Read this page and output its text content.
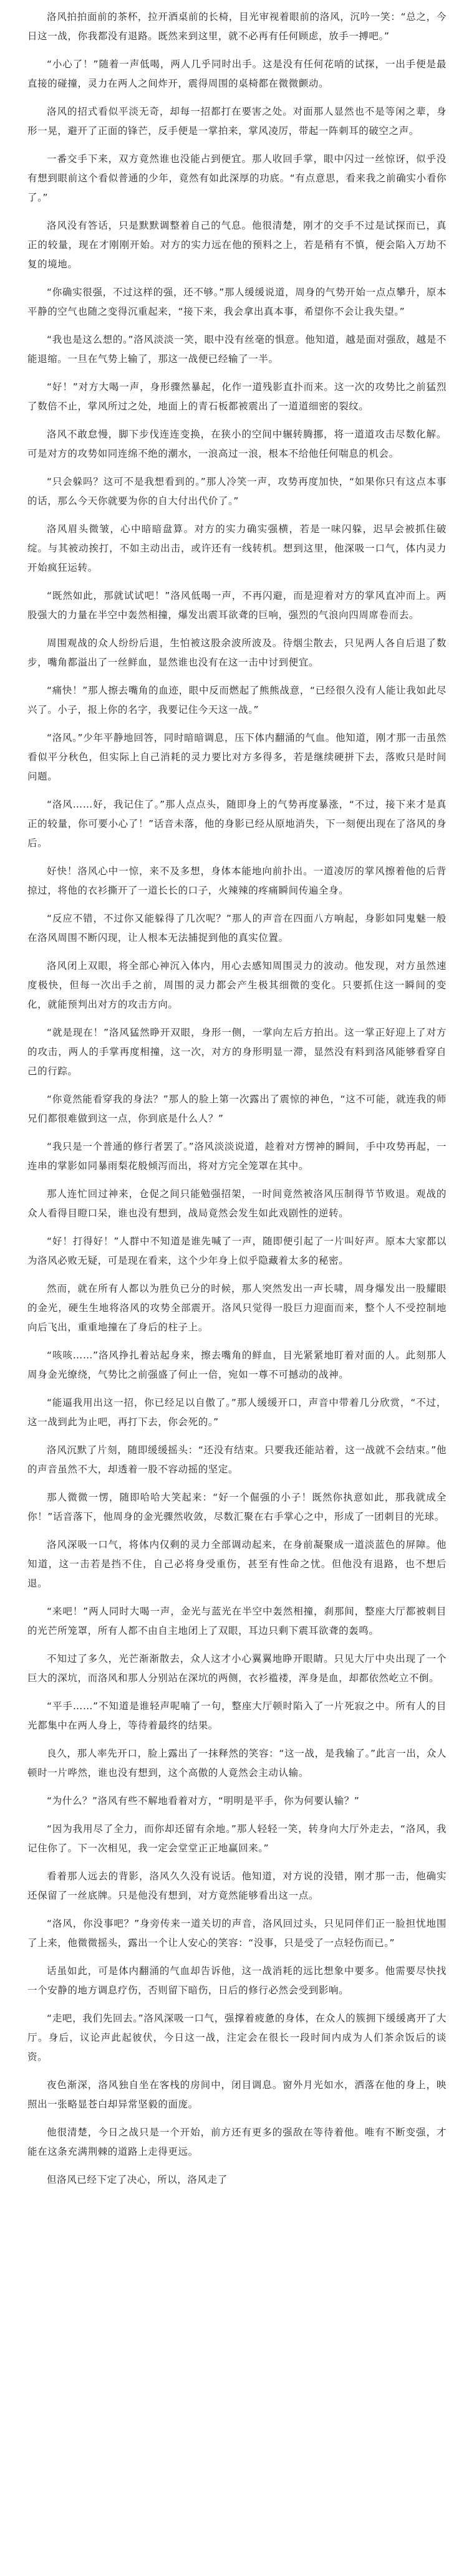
洛风拍拍面前的茶杯，拉开酒桌前的长椅，目光审视着眼前的洛风，沉吟一笑：“总之，今日这一战，你我都没有退路。既然来到这里，就不必再有任何顾虑，放手一搏吧。”

“小心了！”随着一声低喝，两人几乎同时出手。这是没有任何花哨的试探，一出手便是最直接的碰撞，灵力在两人之间炸开，震得周围的桌椅都在微微颤动。

洛风的招式看似平淡无奇，却每一招都打在要害之处。对面那人显然也不是等闲之辈，身形一晃，避开了正面的锋芒，反手便是一掌拍来，掌风凌厉，带起一阵刺耳的破空之声。

一番交手下来，双方竟然谁也没能占到便宜。那人收回手掌，眼中闪过一丝惊讶，似乎没有想到眼前这个看似普通的少年，竟然有如此深厚的功底。“有点意思，看来我之前确实小看你了。”

洛风没有答话，只是默默调整着自己的气息。他很清楚，刚才的交手不过是试探而已，真正的较量，现在才刚刚开始。对方的实力远在他的预料之上，若是稍有不慎，便会陷入万劫不复的境地。

“你确实很强，不过这样的强，还不够。”那人缓缓说道，周身的气势开始一点点攀升，原本平静的空气也随之变得沉重起来，“接下来，我会拿出真本事，希望你不会让我失望。”

“我也是这么想的。”洛风淡淡一笑，眼中没有丝毫的惧意。他知道，越是面对强敌，越是不能退缩。一旦在气势上输了，那这一战便已经输了一半。

“好！”对方大喝一声，身形骤然暴起，化作一道残影直扑而来。这一次的攻势比之前猛烈了数倍不止，掌风所过之处，地面上的青石板都被震出了一道道细密的裂纹。

洛风不敢怠慢，脚下步伐连连变换，在狭小的空间中辗转腾挪，将一道道攻击尽数化解。可是对方的攻势如同连绵不绝的潮水，一浪高过一浪，根本不给他任何喘息的机会。

“只会躲吗？这可不是我想看到的。”那人冷笑一声，攻势再度加快，“如果你只有这点本事的话，那么今天你就要为你的自大付出代价了。”

洛风眉头微皱，心中暗暗盘算。对方的实力确实强横，若是一味闪躲，迟早会被抓住破绽。与其被动挨打，不如主动出击，或许还有一线转机。想到这里，他深吸一口气，体内灵力开始疯狂运转。

“既然如此，那就试试吧！”洛风低喝一声，不再闪避，而是迎着对方的掌风直冲而上。两股强大的力量在半空中轰然相撞，爆发出震耳欲聋的巨响，强烈的气浪向四周席卷而去。

周围观战的众人纷纷后退，生怕被这股余波所波及。待烟尘散去，只见两人各自后退了数步，嘴角都溢出了一丝鲜血，显然谁也没有在这一击中讨到便宜。

“痛快！”那人擦去嘴角的血迹，眼中反而燃起了熊熊战意，“已经很久没有人能让我如此尽兴了。小子，报上你的名字，我要记住今天这一战。”

“洛风。”少年平静地回答，同时暗暗调息，压下体内翻涌的气血。他知道，刚才那一击虽然看似平分秋色，但实际上自己消耗的灵力要比对方多得多，若是继续硬拼下去，落败只是时间问题。

“洛风……好，我记住了。”那人点点头，随即身上的气势再度暴涨，“不过，接下来才是真正的较量，你可要小心了！”话音未落，他的身影已经从原地消失，下一刻便出现在了洛风的身后。

好快！洛风心中一惊，来不及多想，身体本能地向前扑出。一道凌厉的掌风擦着他的后背掠过，将他的衣衫撕开了一道长长的口子，火辣辣的疼痛瞬间传遍全身。

“反应不错，不过你又能躲得了几次呢？”那人的声音在四面八方响起，身影如同鬼魅一般在洛风周围不断闪现，让人根本无法捕捉到他的真实位置。

洛风闭上双眼，将全部心神沉入体内，用心去感知周围灵力的波动。他发现，对方虽然速度极快，但每一次出手之前，周围的灵力都会产生极其细微的变化。只要抓住这一瞬间的变化，就能预判出对方的攻击方向。

“就是现在！”洛风猛然睁开双眼，身形一侧，一掌向左后方拍出。这一掌正好迎上了对方的攻击，两人的手掌再度相撞，这一次，对方的身形明显一滞，显然没有料到洛风能够看穿自己的行踪。

“你竟然能看穿我的身法？”那人的脸上第一次露出了震惊的神色，“这不可能，就连我的师兄们都很难做到这一点，你到底是什么人？”

“我只是一个普通的修行者罢了。”洛风淡淡说道，趁着对方愣神的瞬间，手中攻势再起，一连串的掌影如同暴雨梨花般倾泻而出，将对方完全笼罩在其中。

那人连忙回过神来，仓促之间只能勉强招架，一时间竟然被洛风压制得节节败退。观战的众人看得目瞪口呆，谁也没有想到，战局竟然会发生如此戏剧性的逆转。

“好！打得好！”人群中不知道是谁先喊了一声，随即便引起了一片叫好声。原本大家都以为洛风必败无疑，可是现在看来，这个少年身上似乎隐藏着太多的秘密。

然而，就在所有人都以为胜负已分的时候，那人突然发出一声长啸，周身爆发出一股耀眼的金光，硬生生地将洛风的攻势全部震开。洛风只觉得一股巨力迎面而来，整个人不受控制地向后飞出，重重地撞在了身后的柱子上。

“咳咳……”洛风挣扎着站起身来，擦去嘴角的鲜血，目光紧紧地盯着对面的人。此刻那人周身金光缭绕，气势比之前强盛了何止一倍，宛如一尊不可撼动的战神。

“能逼我用出这一招，你已经足以自傲了。”那人缓缓开口，声音中带着几分欣赏，“不过，这一战到此为止吧，再打下去，你会死的。”

洛风沉默了片刻，随即缓缓摇头：“还没有结束。只要我还能站着，这一战就不会结束。”他的声音虽然不大，却透着一股不容动摇的坚定。

那人微微一愣，随即哈哈大笑起来：“好一个倔强的小子！既然你执意如此，那我就成全你！”话音落下，他周身的金光骤然收敛，尽数汇聚在右手掌心之中，形成了一团刺目的光球。

洛风深吸一口气，将体内仅剩的灵力全部调动起来，在身前凝聚成一道淡蓝色的屏障。他知道，这一击若是挡不住，自己必将身受重伤，甚至有性命之忧。但他没有退路，也不想后退。

“来吧！”两人同时大喝一声，金光与蓝光在半空中轰然相撞，刹那间，整座大厅都被刺目的光芒所笼罩，所有人都不由自主地闭上了双眼，耳边只剩下震耳欲聋的轰鸣。

不知过了多久，光芒渐渐散去，众人这才小心翼翼地睁开眼睛。只见大厅中央出现了一个巨大的深坑，而洛风和那人分别站在深坑的两侧，衣衫褴褛，浑身是血，却都依然屹立不倒。

“平手……”不知道是谁轻声呢喃了一句，整座大厅顿时陷入了一片死寂之中。所有人的目光都集中在两人身上，等待着最终的结果。

良久，那人率先开口，脸上露出了一抹释然的笑容：“这一战，是我输了。”此言一出，众人顿时一片哗然，谁也没有想到，这个高傲的人竟然会主动认输。

“为什么？”洛风有些不解地看着对方，“明明是平手，你为何要认输？”

“因为我用尽了全力，而你却还留有余地。”那人轻轻一笑，转身向大厅外走去，“洛风，我记住你了。下一次相见，我一定会堂堂正正地赢回来。”

看着那人远去的背影，洛风久久没有说话。他知道，对方说的没错，刚才那一击，他确实还保留了一丝底牌。只是他没有想到，对方竟然能够看出这一点。

“洛风，你没事吧？”身旁传来一道关切的声音，洛风回过头，只见同伴们正一脸担忧地围了上来，他微微摇头，露出一个让人安心的笑容：“没事，只是受了一点轻伤而已。”

话虽如此，可是体内翻涌的气血却告诉他，这一战消耗的远比想象中要多。他需要尽快找一个安静的地方调息疗伤，否则留下暗伤，日后的修行必然会受到影响。

“走吧，我们先回去。”洛风深吸一口气，强撑着疲惫的身体，在众人的簇拥下缓缓离开了大厅。身后，议论声此起彼伏，今日这一战，注定会在很长一段时间内成为人们茶余饭后的谈资。

夜色渐深，洛风独自坐在客栈的房间中，闭目调息。窗外月光如水，洒落在他的身上，映照出一张略显苍白却异常坚毅的面庞。

他很清楚，今日之战只是一个开始，前方还有更多的强敌在等待着他。唯有不断变强，才能在这条充满荆棘的道路上走得更远。

但洛风已经下定了决心，所以，洛风走了
